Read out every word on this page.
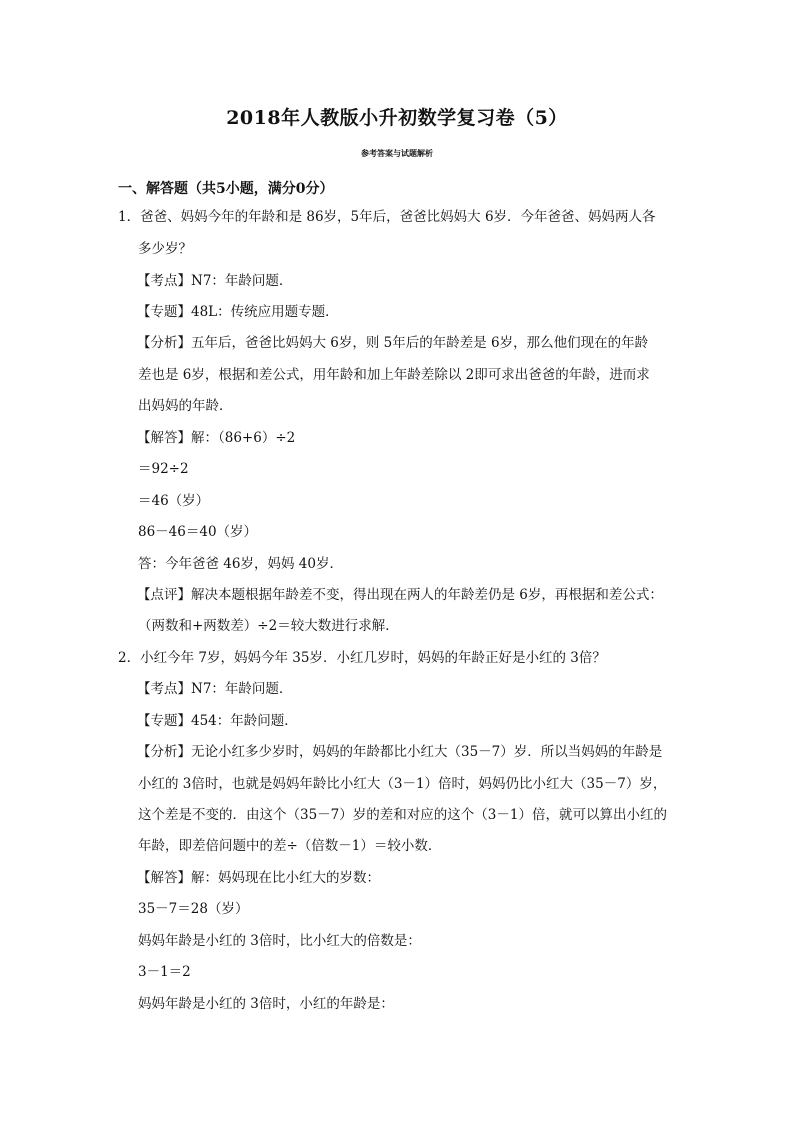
2018年人教版小升初数学复习卷（5）
参考答案与试题解析
一、解答题（共5小题，满分0分）
1．爸爸、妈妈今年的年龄和是 86岁，5年后，爸爸比妈妈大 6岁．今年爸爸、妈妈两人各
多少岁？
【考点】N7：年龄问题．
【专题】48L：传统应用题专题．
【分析】五年后，爸爸比妈妈大 6岁，则 5年后的年龄差是 6岁，那么他们现在的年龄
差也是 6岁，根据和差公式，用年龄和加上年龄差除以 2即可求出爸爸的年龄，进而求
出妈妈的年龄．
【解答】解：（86+6）÷2
＝92÷2
＝46（岁）
86－46＝40（岁）
答：今年爸爸 46岁，妈妈 40岁．
【点评】解决本题根据年龄差不变，得出现在两人的年龄差仍是 6岁，再根据和差公式：
（两数和+两数差）÷2＝较大数进行求解．
2．小红今年 7岁，妈妈今年 35岁．小红几岁时，妈妈的年龄正好是小红的 3倍？
【考点】N7：年龄问题．
【专题】454：年龄问题．
【分析】无论小红多少岁时，妈妈的年龄都比小红大（35－7）岁．所以当妈妈的年龄是
小红的 3倍时，也就是妈妈年龄比小红大（3－1）倍时，妈妈仍比小红大（35－7）岁，
这个差是不变的．由这个（35－7）岁的差和对应的这个（3－1）倍，就可以算出小红的
年龄，即差倍问题中的差÷（倍数－1）＝较小数．
【解答】解：妈妈现在比小红大的岁数：
35－7＝28（岁）
妈妈年龄是小红的 3倍时，比小红大的倍数是：
3－1＝2
妈妈年龄是小红的 3倍时，小红的年龄是：
